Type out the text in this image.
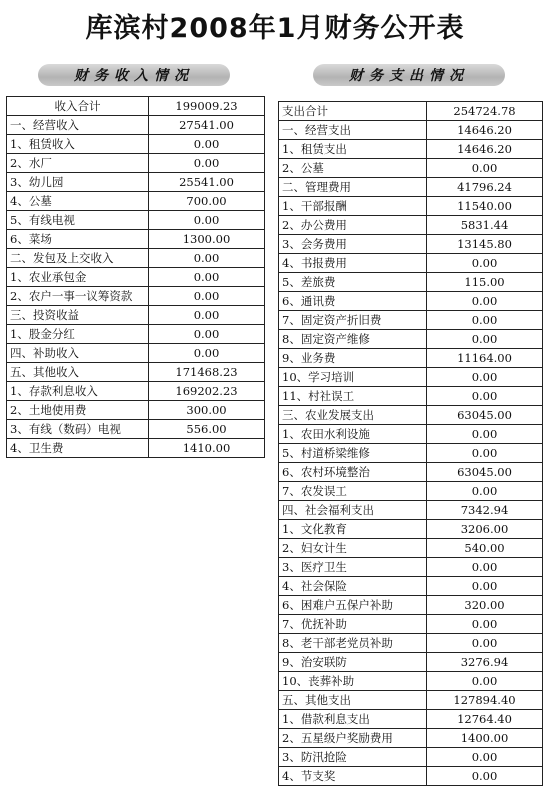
库滨村2008年1月财务公开表
财务收入情况	财务支出情况
收入合计	199009.23
一、经营收入	27541.00
1、租赁收入	0.00
2、水厂	0.00
3、幼儿园	25541.00
4、公墓	700.00
5、有线电视	0.00
6、菜场	1300.00
二、发包及上交收入	0.00
1、农业承包金	0.00
2、农户一事一议筹资款	0.00
三、投资收益	0.00
1、股金分红	0.00
四、补助收入	0.00
五、其他收入	171468.23
1、存款利息收入	169202.23
2、土地使用费	300.00
3、有线（数码）电视	556.00
4、卫生费	1410.00
支出合计	254724.78
一、经营支出	14646.20
1、租赁支出	14646.20
2、公墓	0.00
二、管理费用	41796.24
1、干部报酬	11540.00
2、办公费用	5831.44
3、会务费用	13145.80
4、书报费用	0.00
5、差旅费	115.00
6、通讯费	0.00
7、固定资产折旧费	0.00
8、固定资产维修	0.00
9、业务费	11164.00
10、学习培训	0.00
11、村社误工	0.00
三、农业发展支出	63045.00
1、农田水利设施	0.00
5、村道桥梁维修	0.00
6、农村环境整治	63045.00
7、农发误工	0.00
四、社会福利支出	7342.94
1、文化教育	3206.00
2、妇女计生	540.00
3、医疗卫生	0.00
4、社会保险	0.00
6、困难户五保户补助	320.00
7、优抚补助	0.00
8、老干部老党员补助	0.00
9、治安联防	3276.94
10、丧葬补助	0.00
五、其他支出	127894.40
1、借款利息支出	12764.40
2、五星级户奖励费用	1400.00
3、防汛抢险	0.00
4、节支奖	0.00
